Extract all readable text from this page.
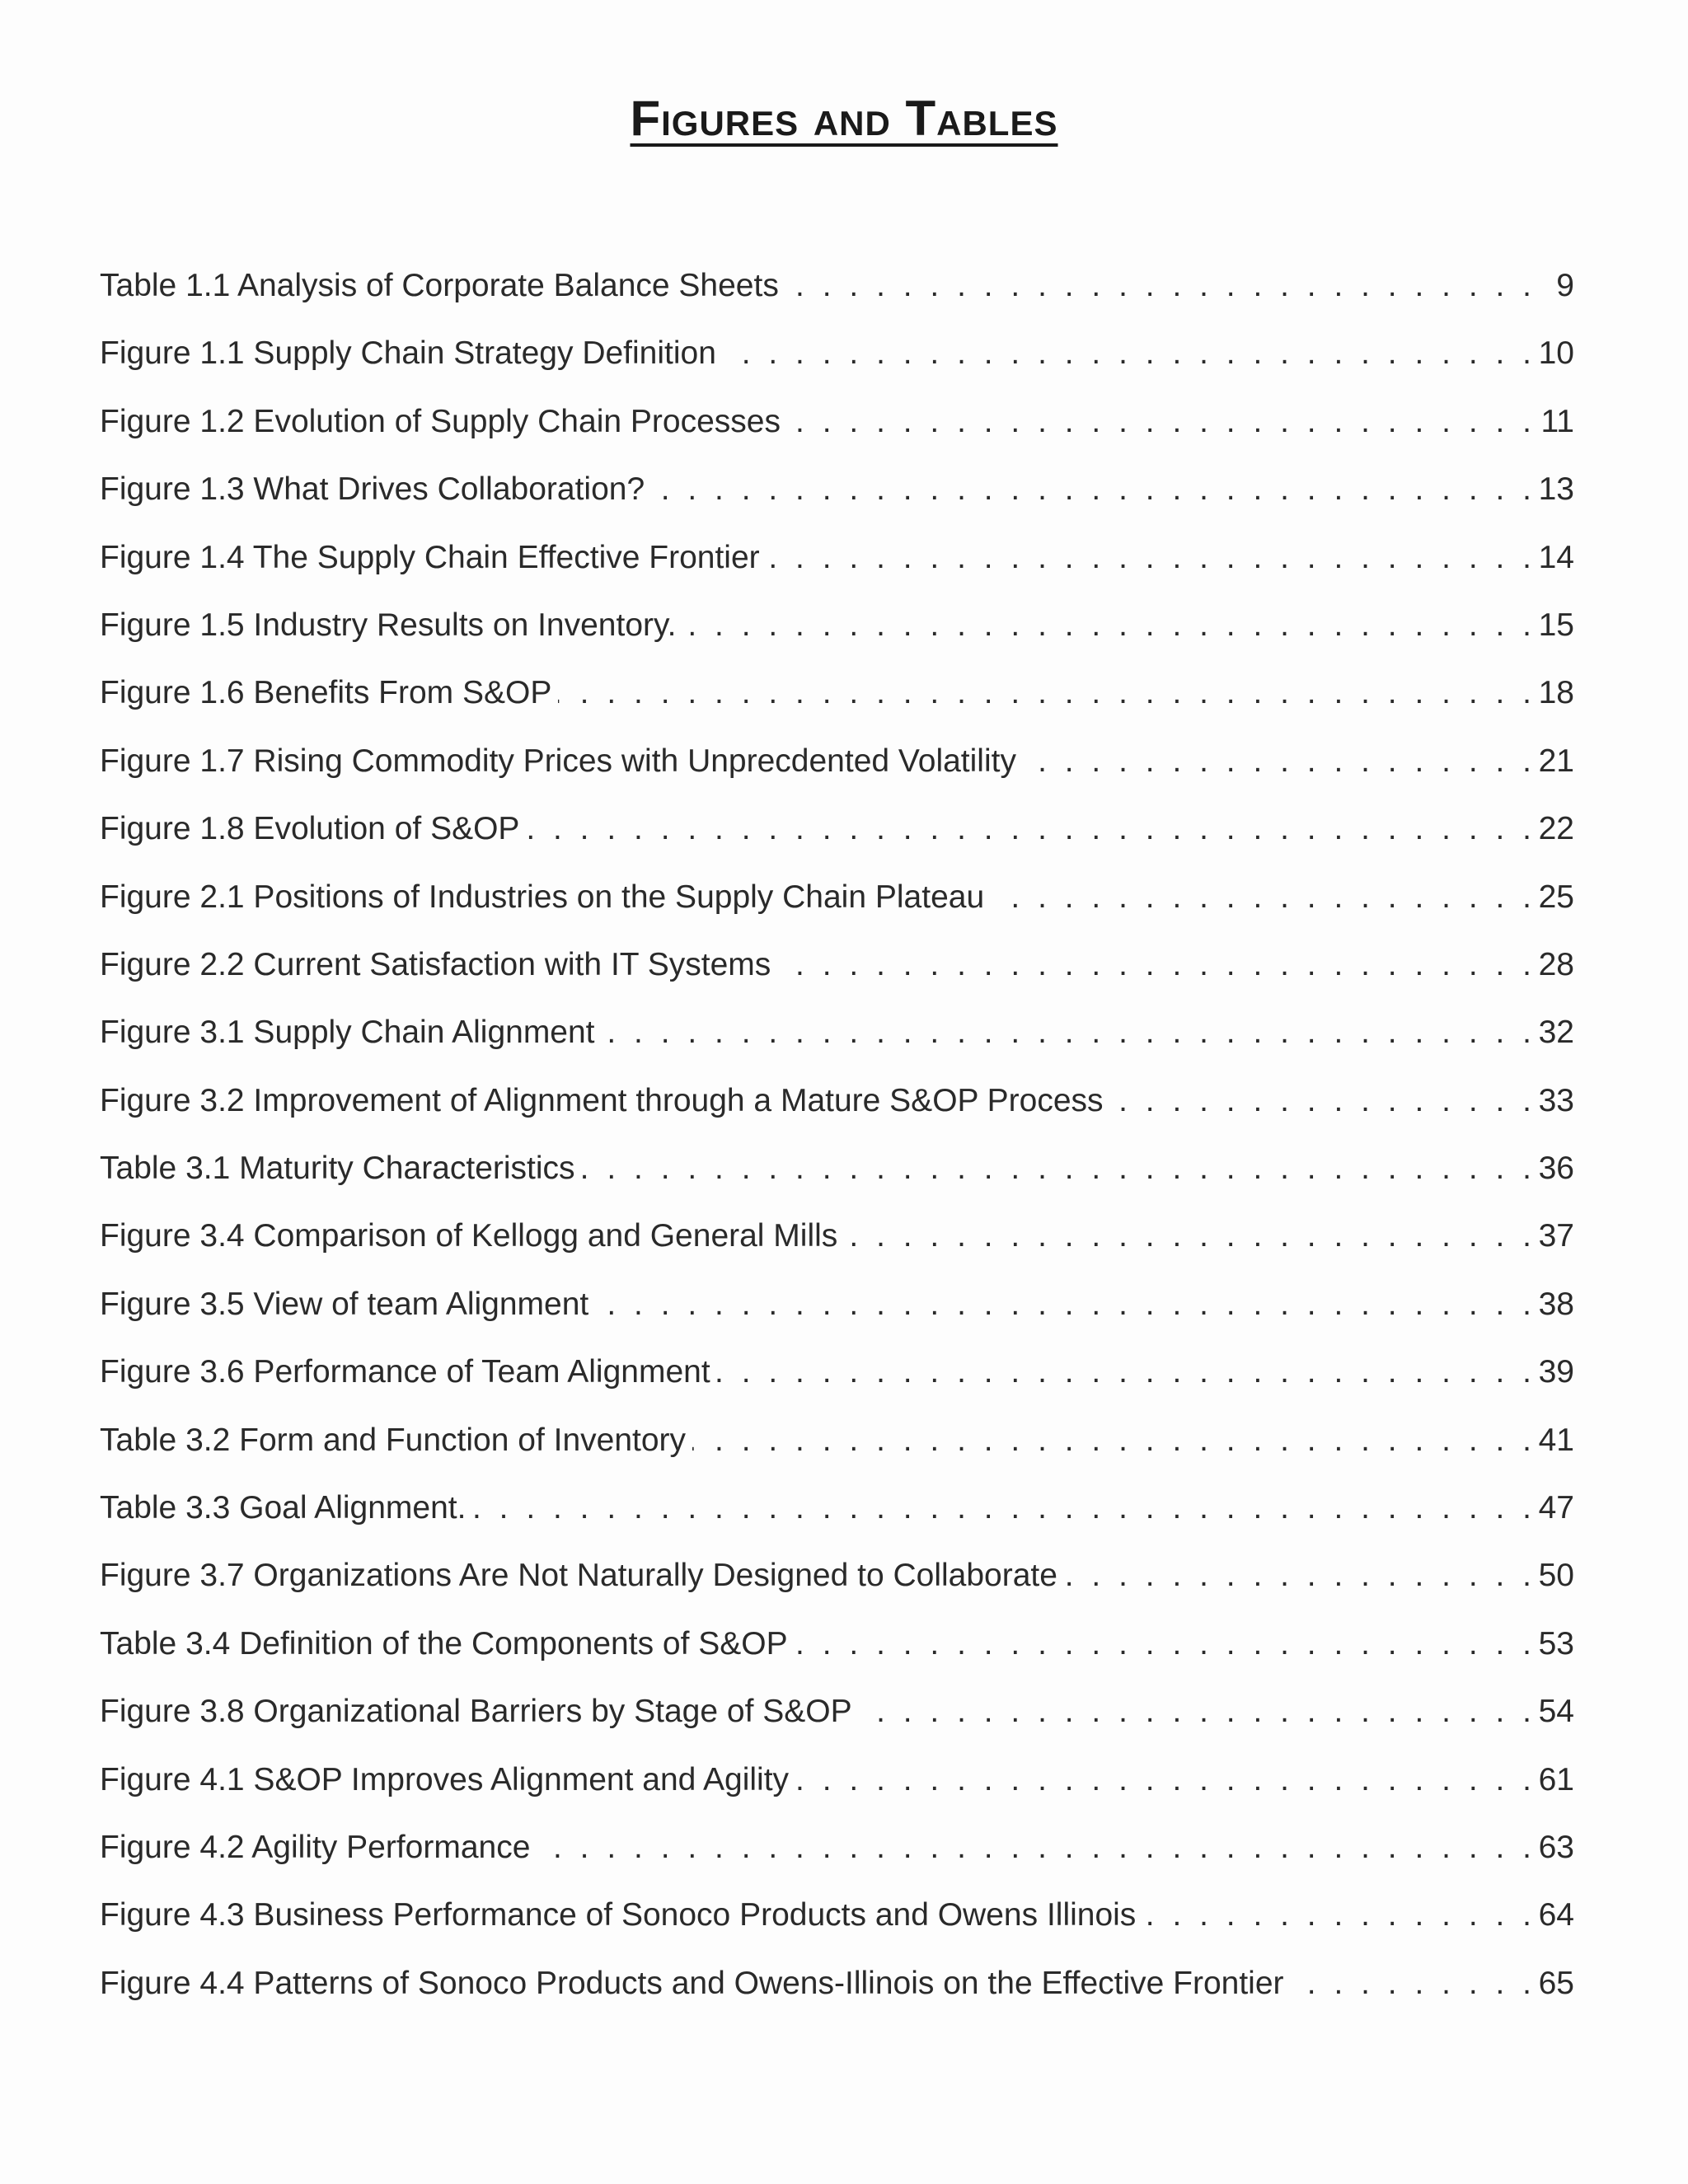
Figures and Tables
Table 1.1 Analysis of Corporate Balance Sheets . . .	9
Figure 1.1 Supply Chain Strategy Definition . . .	10
Figure 1.2 Evolution of Supply Chain Processes . . .	11
Figure 1.3 What Drives Collaboration? . . .	13
Figure 1.4 The Supply Chain Effective Frontier . . .	14
Figure 1.5 Industry Results on Inventory. . . .	15
Figure 1.6 Benefits From S&OP . . .	18
Figure 1.7 Rising Commodity Prices with Unprecdented Volatility . . .	21
Figure 1.8 Evolution of S&OP . . .	22
Figure 2.1 Positions of Industries on the Supply Chain Plateau . . .	25
Figure 2.2 Current Satisfaction with IT Systems . . .	28
Figure 3.1 Supply Chain Alignment . . .	32
Figure 3.2 Improvement of Alignment through a Mature S&OP Process . . .	33
Table 3.1 Maturity Characteristics . . .	36
Figure 3.4 Comparison of Kellogg and General Mills . . .	37
Figure 3.5 View of team Alignment . . .	38
Figure 3.6 Performance of Team Alignment . . .	39
Table 3.2 Form and Function of Inventory . . .	41
Table 3.3 Goal Alignment. . . .	47
Figure 3.7 Organizations Are Not Naturally Designed to Collaborate . . .	50
Table 3.4 Definition of the Components of S&OP . . .	53
Figure 3.8 Organizational Barriers by Stage of S&OP . . .	54
Figure 4.1 S&OP Improves Alignment and Agility . . .	61
Figure 4.2 Agility Performance . . .	63
Figure 4.3 Business Performance of Sonoco Products and Owens Illinois . . .	64
Figure 4.4 Patterns of Sonoco Products and Owens-Illinois on the Effective Frontier . . .	65
